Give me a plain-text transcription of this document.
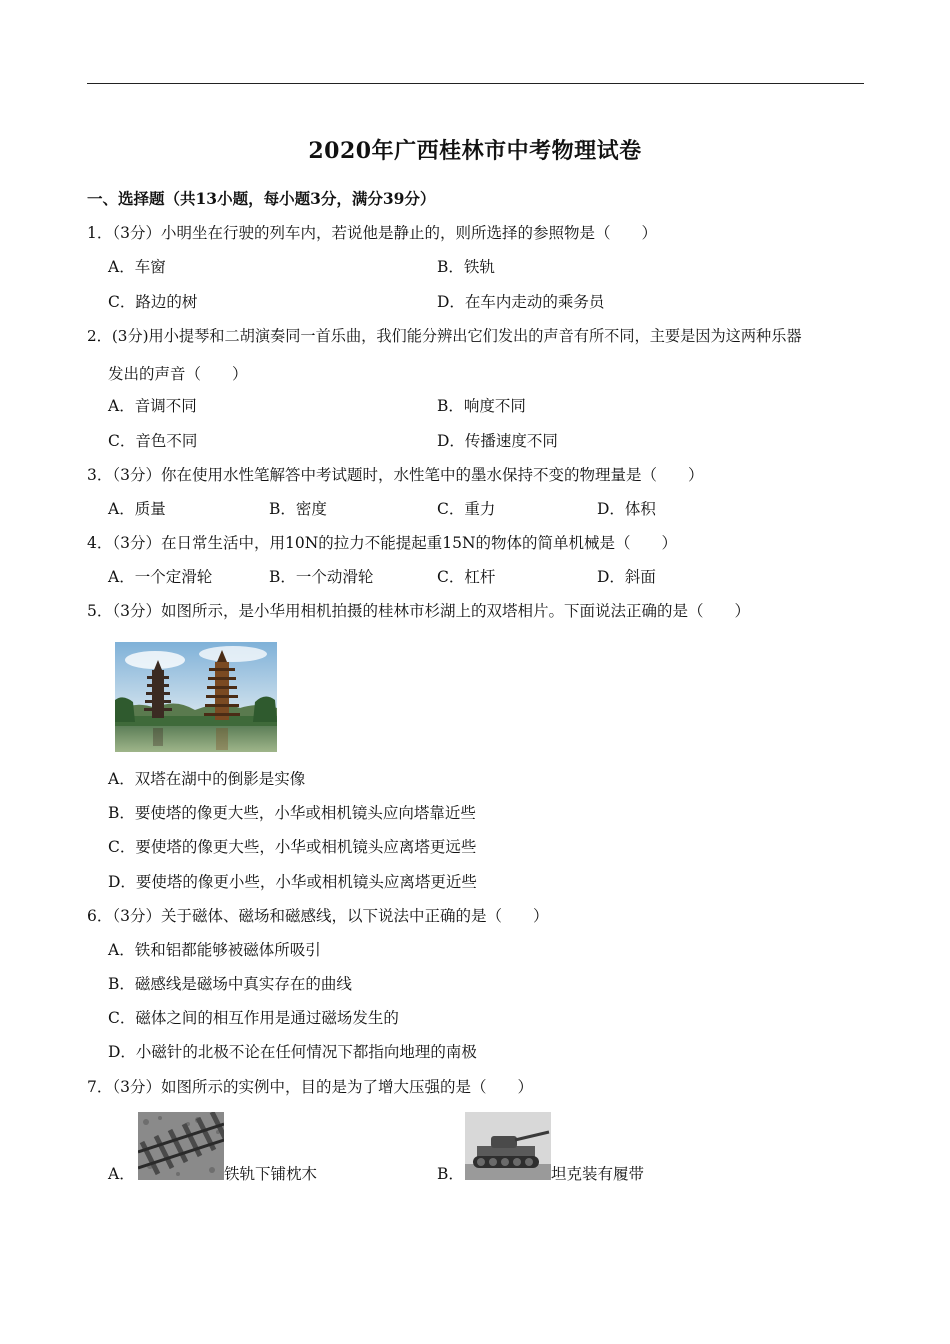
2020年广西桂林市中考物理试卷
一、选择题（共13小题，每小题3分，满分39分）
1．（3分）小明坐在行驶的列车内，若说他是静止的，则所选择的参照物是（　　）
A．车窗	B．铁轨
C．路边的树	D．在车内走动的乘务员
2．(3分)用小提琴和二胡演奏同一首乐曲，我们能分辨出它们发出的声音有所不同，主要是因为这两种乐器
发出的声音（　　）
A．音调不同	B．响度不同
C．音色不同	D．传播速度不同
3．（3分）你在使用水性笔解答中考试题时，水性笔中的墨水保持不变的物理量是（　　）
A．质量	B．密度	C．重力	D．体积
4．（3分）在日常生活中，用10N的拉力不能提起重15N的物体的简单机械是（　　）
A．一个定滑轮	B．一个动滑轮	C．杠杆	D．斜面
5．（3分）如图所示，是小华用相机拍摄的桂林市杉湖上的双塔相片。下面说法正确的是（　　）
A．双塔在湖中的倒影是实像
B．要使塔的像更大些，小华或相机镜头应向塔靠近些
C．要使塔的像更大些，小华或相机镜头应离塔更远些
D．要使塔的像更小些，小华或相机镜头应离塔更近些
6．（3分）关于磁体、磁场和磁感线，以下说法中正确的是（　　）
A．铁和铝都能够被磁体所吸引
B．磁感线是磁场中真实存在的曲线
C．磁体之间的相互作用是通过磁场发生的
D．小磁针的北极不论在任何情况下都指向地理的南极
7．（3分）如图所示的实例中，目的是为了增大压强的是（　　）
A．	铁轨下铺枕木	B．	坦克装有履带
